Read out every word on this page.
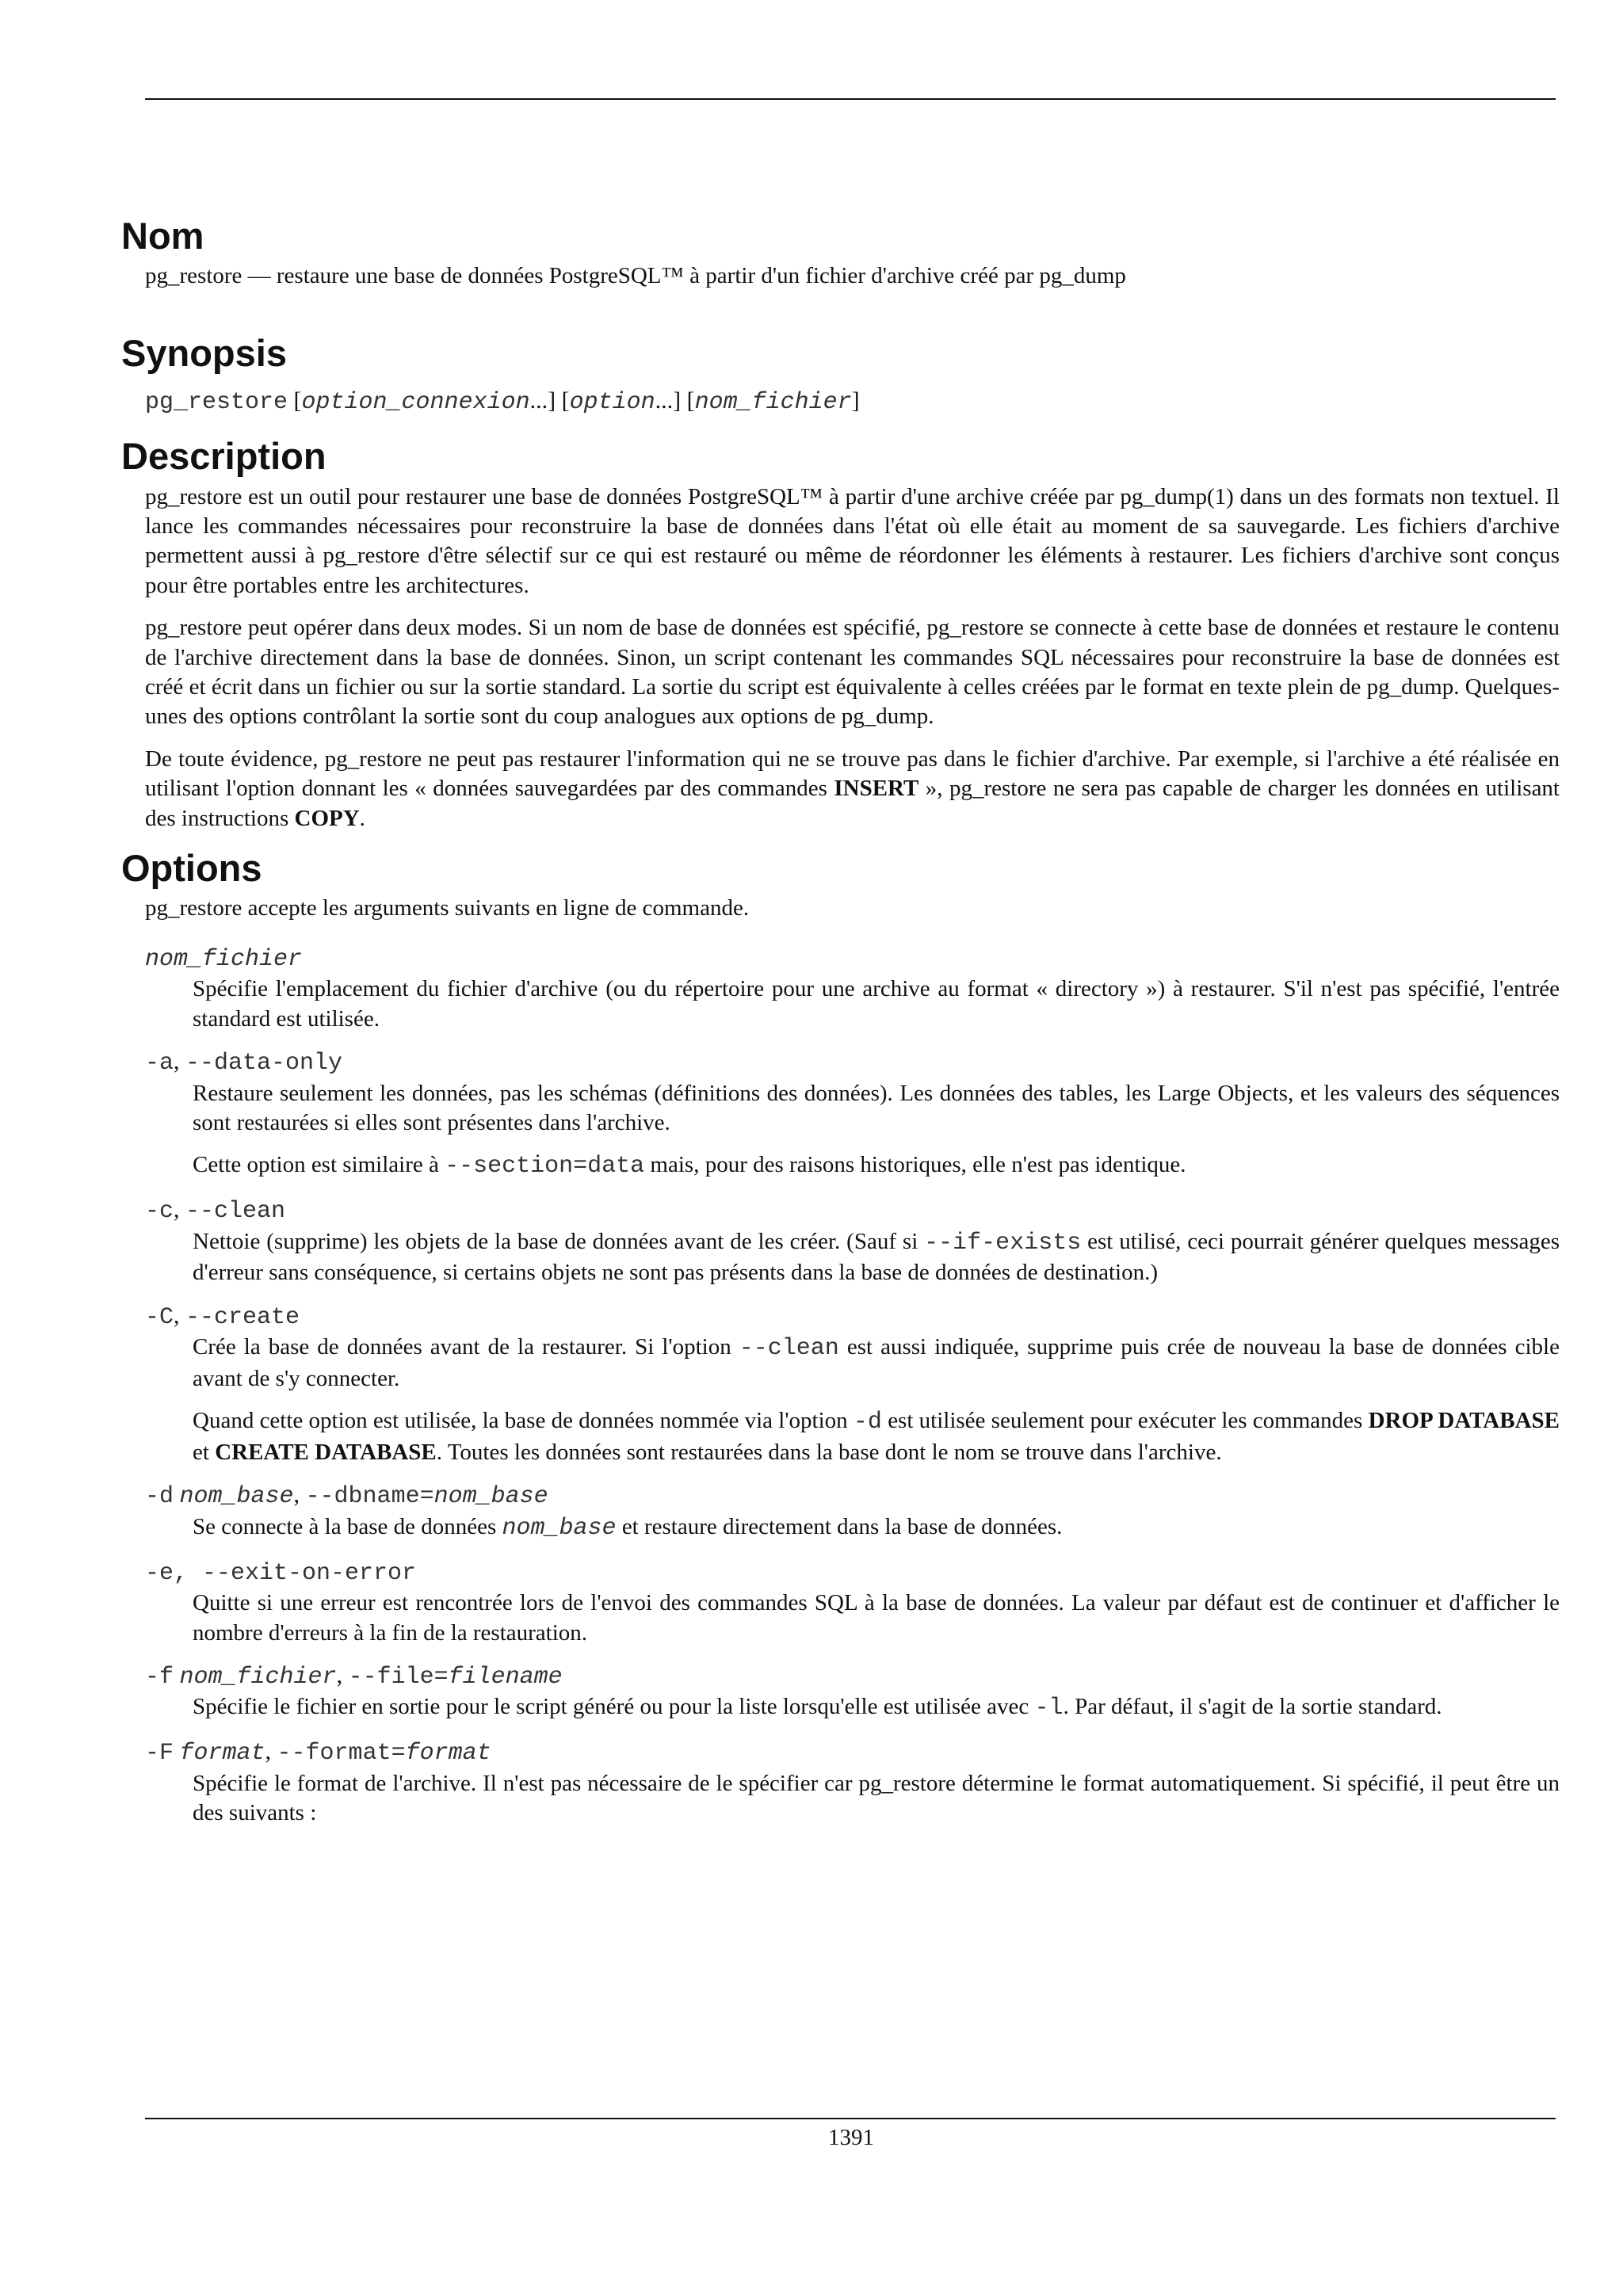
Nom

pg_restore — restaure une base de données PostgreSQL™ à partir d'un fichier d'archive créé par pg_dump

Synopsis
pg_restore [option_connexion...] [option...] [nom_fichier]
Description

pg_restore est un outil pour restaurer une base de données PostgreSQL™ à partir d'une archive créée par pg_dump(1) dans un des formats non textuel. Il lance les commandes nécessaires pour reconstruire la base de données dans l'état où elle était au moment de sa sauvegarde. Les fichiers d'archive permettent aussi à pg_restore d'être sélectif sur ce qui est restauré ou même de réordonner les éléments à restaurer. Les fichiers d'archive sont conçus pour être portables entre les architectures.

pg_restore peut opérer dans deux modes. Si un nom de base de données est spécifié, pg_restore se connecte à cette base de données et restaure le contenu de l'archive directement dans la base de données. Sinon, un script contenant les commandes SQL nécessaires pour reconstruire la base de données est créé et écrit dans un fichier ou sur la sortie standard. La sortie du script est équivalente à celles créées par le format en texte plein de pg_dump. Quelques-unes des options contrôlant la sortie sont du coup analogues aux options de pg_dump.

De toute évidence, pg_restore ne peut pas restaurer l'information qui ne se trouve pas dans le fichier d'archive. Par exemple, si l'archive a été réalisée en utilisant l'option donnant les « données sauvegardées par des commandes INSERT », pg_restore ne sera pas capable de charger les données en utilisant des instructions COPY.

Options

pg_restore accepte les arguments suivants en ligne de commande.

nom_fichier

Spécifie l'emplacement du fichier d'archive (ou du répertoire pour une archive au format « directory ») à restaurer. S'il n'est pas spécifié, l'entrée standard est utilisée.

-a, --data-only

Restaure seulement les données, pas les schémas (définitions des données). Les données des tables, les Large Objects, et les valeurs des séquences sont restaurées si elles sont présentes dans l'archive.

Cette option est similaire à --section=data mais, pour des raisons historiques, elle n'est pas identique.

-c, --clean

Nettoie (supprime) les objets de la base de données avant de les créer. (Sauf si --if-exists est utilisé, ceci pourrait générer quelques messages d'erreur sans conséquence, si certains objets ne sont pas présents dans la base de données de destination.)

-C, --create

Crée la base de données avant de la restaurer. Si l'option --clean est aussi indiquée, supprime puis crée de nouveau la base de données cible avant de s'y connecter.

Quand cette option est utilisée, la base de données nommée via l'option -d est utilisée seulement pour exécuter les commandes DROP DATABASE et CREATE DATABASE. Toutes les données sont restaurées dans la base dont le nom se trouve dans l'archive.

-d nom_base, --dbname=nom_base

Se connecte à la base de données nom_base et restaure directement dans la base de données.

-e, --exit-on-error

Quitte si une erreur est rencontrée lors de l'envoi des commandes SQL à la base de données. La valeur par défaut est de continuer et d'afficher le nombre d'erreurs à la fin de la restauration.

-f nom_fichier, --file=filename

Spécifie le fichier en sortie pour le script généré ou pour la liste lorsqu'elle est utilisée avec -l. Par défaut, il s'agit de la sortie standard.

-F format, --format=format

Spécifie le format de l'archive. Il n'est pas nécessaire de le spécifier car pg_restore détermine le format automatiquement. Si spécifié, il peut être un des suivants :

1391
